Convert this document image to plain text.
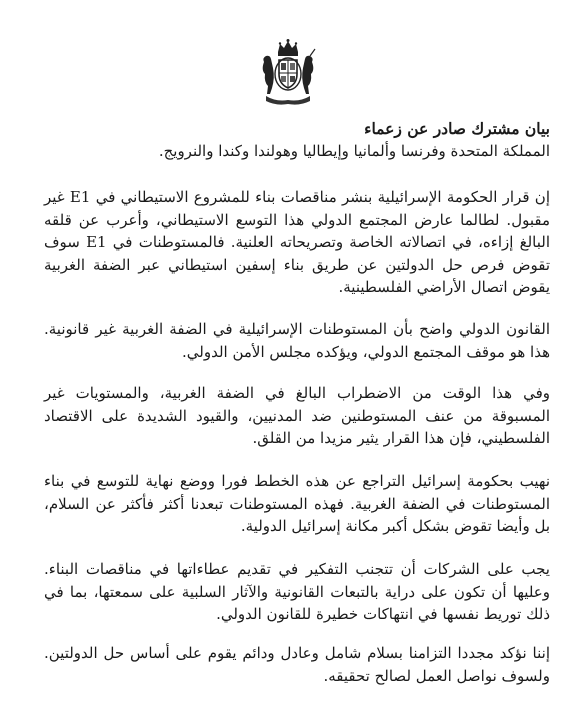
بيان مشترك صادر عن زعماء

المملكة المتحدة وفرنسا وألمانيا وإيطاليا وهولندا وكندا والنرويج.

إن قرار الحكومة الإسرائيلية بنشر مناقصات بناء للمشروع الاستيطاني في E1 غير مقبول. لطالما عارض المجتمع الدولي هذا التوسع الاستيطاني، وأعرب عن قلقه البالغ إزاءه، في اتصالاته الخاصة وتصريحاته العلنية. فالمستوطنات في E1 سوف تقوض فرص حل الدولتين عن طريق بناء إسفين استيطاني عبر الضفة الغربية يقوض اتصال الأراضي الفلسطينية.

القانون الدولي واضح بأن المستوطنات الإسرائيلية في الضفة الغربية غير قانونية. هذا هو موقف المجتمع الدولي، ويؤكده مجلس الأمن الدولي.

وفي هذا الوقت من الاضطراب البالغ في الضفة الغربية، والمستويات غير المسبوقة من عنف المستوطنين ضد المدنيين، والقيود الشديدة على الاقتصاد الفلسطيني، فإن هذا القرار يثير مزيدا من القلق.

نهيب بحكومة إسرائيل التراجع عن هذه الخطط فورا ووضع نهاية للتوسع في بناء المستوطنات في الضفة الغربية. فهذه المستوطنات تبعدنا أكثر فأكثر عن السلام، بل وأيضا تقوض بشكل أكبر مكانة إسرائيل الدولية.

يجب على الشركات أن تتجنب التفكير في تقديم عطاءاتها في مناقصات البناء. وعليها أن تكون على دراية بالتبعات القانونية والآثار السلبية على سمعتها، بما في ذلك توريط نفسها في انتهاكات خطيرة للقانون الدولي.

إننا نؤكد مجددا التزامنا بسلام شامل وعادل ودائم يقوم على أساس حل الدولتين. ولسوف نواصل العمل لصالح تحقيقه.
